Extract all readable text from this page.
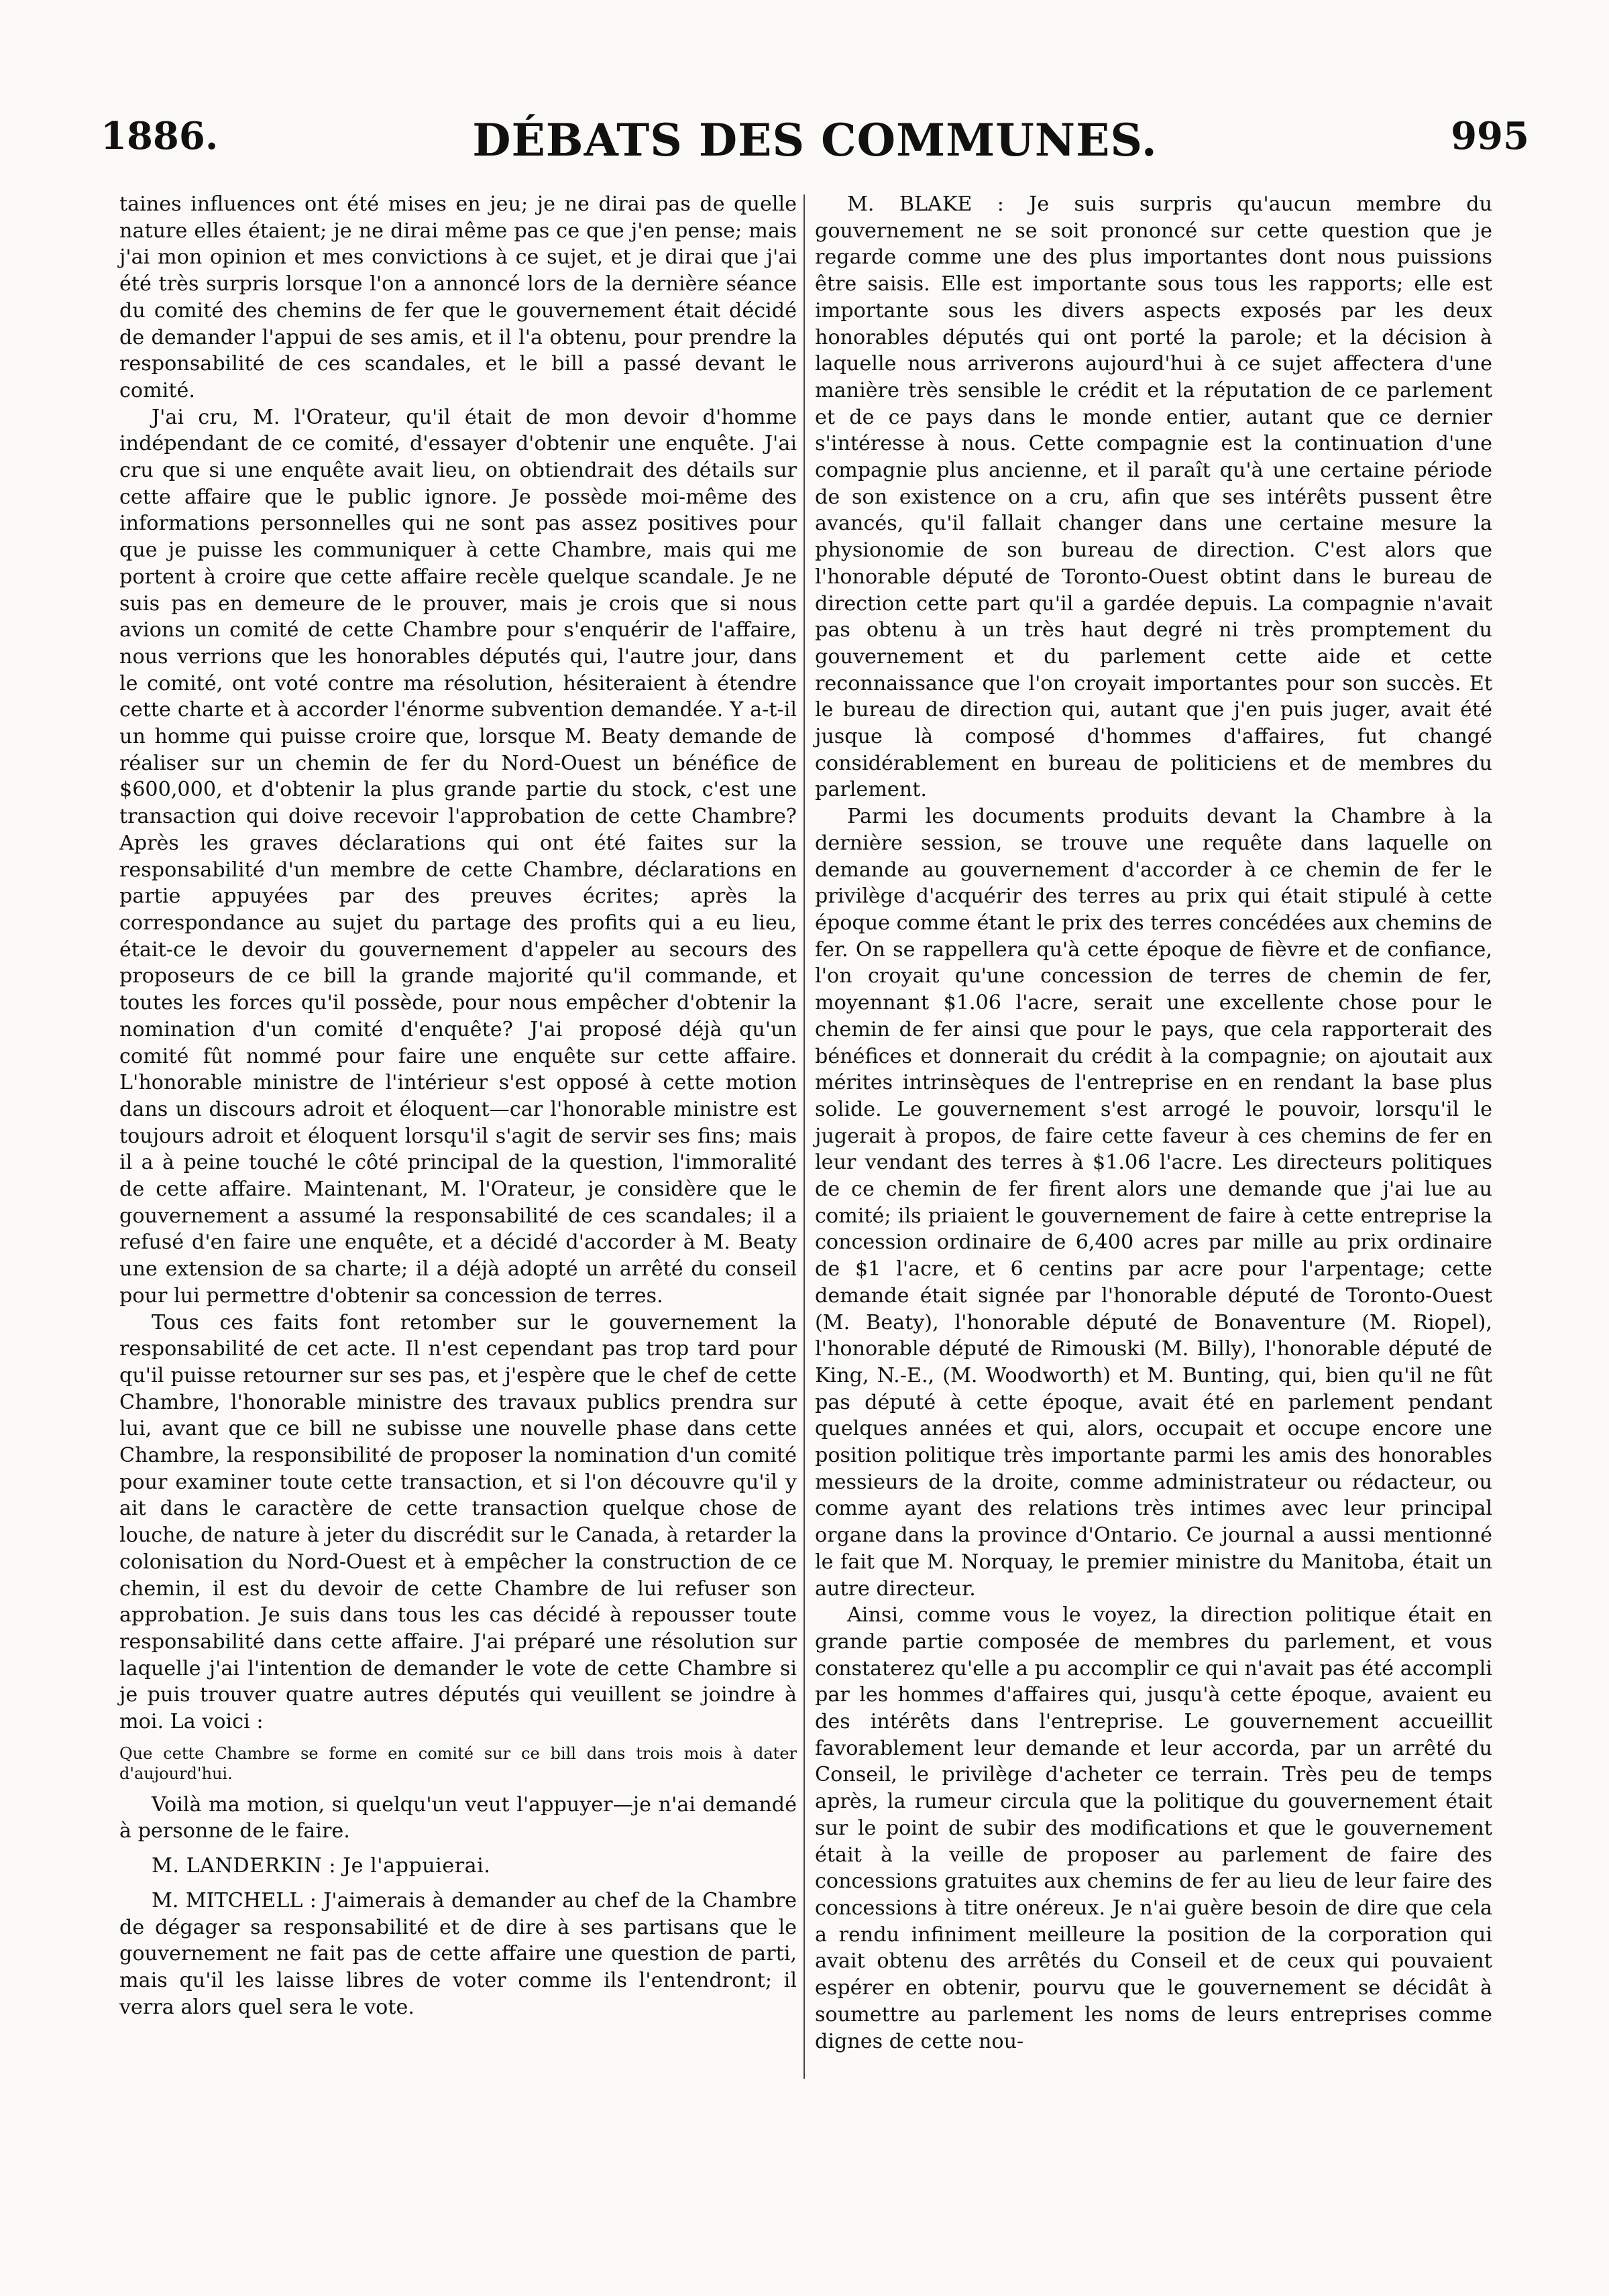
DÉBATS DES COMMUNES.
1886.	995

taines influences ont été mises en jeu; je ne dirai pas de quelle nature elles étaient; je ne dirai même pas ce que j'en pense; mais j'ai mon opinion et mes convictions à ce sujet, et je dirai que j'ai été très surpris lorsque l'on a annoncé lors de la dernière séance du comité des chemins de fer que le gouvernement était décidé de demander l'appui de ses amis, et il l'a obtenu, pour prendre la responsabilité de ces scandales, et le bill a passé devant le comité.

J'ai cru, M. l'Orateur, qu'il était de mon devoir d'homme indépendant de ce comité, d'essayer d'obtenir une enquête. J'ai cru que si une enquête avait lieu, on obtiendrait des détails sur cette affaire que le public ignore. Je possède moi-même des informations personnelles qui ne sont pas assez positives pour que je puisse les communiquer à cette Chambre, mais qui me portent à croire que cette affaire recèle quelque scandale. Je ne suis pas en demeure de le prouver, mais je crois que si nous avions un comité de cette Chambre pour s'enquérir de l'affaire, nous verrions que les honorables députés qui, l'autre jour, dans le comité, ont voté contre ma résolution, hésiteraient à étendre cette charte et à accorder l'énorme subvention demandée. Y a-t-il un homme qui puisse croire que, lorsque M. Beaty demande de réaliser sur un chemin de fer du Nord-Ouest un bénéfice de $600,000, et d'obtenir la plus grande partie du stock, c'est une transaction qui doive recevoir l'approbation de cette Chambre? Après les graves déclarations qui ont été faites sur la responsabilité d'un membre de cette Chambre, déclarations en partie appuyées par des preuves écrites; après la correspondance au sujet du partage des profits qui a eu lieu, était-ce le devoir du gouvernement d'appeler au secours des proposeurs de ce bill la grande majorité qu'il commande, et toutes les forces qu'il possède, pour nous empêcher d'obtenir la nomination d'un comité d'enquête? J'ai proposé déjà qu'un comité fût nommé pour faire une enquête sur cette affaire. L'honorable ministre de l'intérieur s'est opposé à cette motion dans un discours adroit et éloquent—car l'honorable ministre est toujours adroit et éloquent lorsqu'il s'agit de servir ses fins; mais il a à peine touché le côté principal de la question, l'immoralité de cette affaire. Maintenant, M. l'Orateur, je considère que le gouvernement a assumé la responsabilité de ces scandales; il a refusé d'en faire une enquête, et a décidé d'accorder à M. Beaty une extension de sa charte; il a déjà adopté un arrêté du conseil pour lui permettre d'obtenir sa concession de terres.

Tous ces faits font retomber sur le gouvernement la responsabilité de cet acte. Il n'est cependant pas trop tard pour qu'il puisse retourner sur ses pas, et j'espère que le chef de cette Chambre, l'honorable ministre des travaux publics prendra sur lui, avant que ce bill ne subisse une nouvelle phase dans cette Chambre, la responsibilité de proposer la nomination d'un comité pour examiner toute cette transaction, et si l'on découvre qu'il y ait dans le caractère de cette transaction quelque chose de louche, de nature à jeter du discrédit sur le Canada, à retarder la colonisation du Nord-Ouest et à empêcher la construction de ce chemin, il est du devoir de cette Chambre de lui refuser son approbation. Je suis dans tous les cas décidé à repousser toute responsabilité dans cette affaire. J'ai préparé une résolution sur laquelle j'ai l'intention de demander le vote de cette Chambre si je puis trouver quatre autres députés qui veuillent se joindre à moi. La voici :

Que cette Chambre se forme en comité sur ce bill dans trois mois à dater d'aujourd'hui.

Voilà ma motion, si quelqu'un veut l'appuyer—je n'ai demandé à personne de le faire.

M. LANDERKIN : Je l'appuierai.

M. MITCHELL : J'aimerais à demander au chef de la Chambre de dégager sa responsabilité et de dire à ses partisans que le gouvernement ne fait pas de cette affaire une question de parti, mais qu'il les laisse libres de voter comme ils l'entendront; il verra alors quel sera le vote.

M. BLAKE : Je suis surpris qu'aucun membre du gouvernement ne se soit prononcé sur cette question que je regarde comme une des plus importantes dont nous puissions être saisis. Elle est importante sous tous les rapports; elle est importante sous les divers aspects exposés par les deux honorables députés qui ont porté la parole; et la décision à laquelle nous arriverons aujourd'hui à ce sujet affectera d'une manière très sensible le crédit et la réputation de ce parlement et de ce pays dans le monde entier, autant que ce dernier s'intéresse à nous. Cette compagnie est la continuation d'une compagnie plus ancienne, et il paraît qu'à une certaine période de son existence on a cru, afin que ses intérêts pussent être avancés, qu'il fallait changer dans une certaine mesure la physionomie de son bureau de direction. C'est alors que l'honorable député de Toronto-Ouest obtint dans le bureau de direction cette part qu'il a gardée depuis. La compagnie n'avait pas obtenu à un très haut degré ni très promptement du gouvernement et du parlement cette aide et cette reconnaissance que l'on croyait importantes pour son succès. Et le bureau de direction qui, autant que j'en puis juger, avait été jusque là composé d'hommes d'affaires, fut changé considérablement en bureau de politiciens et de membres du parlement.

Parmi les documents produits devant la Chambre à la dernière session, se trouve une requête dans laquelle on demande au gouvernement d'accorder à ce chemin de fer le privilège d'acquérir des terres au prix qui était stipulé à cette époque comme étant le prix des terres concédées aux chemins de fer. On se rappellera qu'à cette époque de fièvre et de confiance, l'on croyait qu'une concession de terres de chemin de fer, moyennant $1.06 l'acre, serait une excellente chose pour le chemin de fer ainsi que pour le pays, que cela rapporterait des bénéfices et donnerait du crédit à la compagnie; on ajoutait aux mérites intrinsèques de l'entreprise en en rendant la base plus solide. Le gouvernement s'est arrogé le pouvoir, lorsqu'il le jugerait à propos, de faire cette faveur à ces chemins de fer en leur vendant des terres à $1.06 l'acre. Les directeurs politiques de ce chemin de fer firent alors une demande que j'ai lue au comité; ils priaient le gouvernement de faire à cette entreprise la concession ordinaire de 6,400 acres par mille au prix ordinaire de $1 l'acre, et 6 centins par acre pour l'arpentage; cette demande était signée par l'honorable député de Toronto-Ouest (M. Beaty), l'honorable député de Bonaventure (M. Riopel), l'honorable député de Rimouski (M. Billy), l'honorable député de King, N.-E., (M. Woodworth) et M. Bunting, qui, bien qu'il ne fût pas député à cette époque, avait été en parlement pendant quelques années et qui, alors, occupait et occupe encore une position politique très importante parmi les amis des honorables messieurs de la droite, comme administrateur ou rédacteur, ou comme ayant des relations très intimes avec leur principal organe dans la province d'Ontario. Ce journal a aussi mentionné le fait que M. Norquay, le premier ministre du Manitoba, était un autre directeur.

Ainsi, comme vous le voyez, la direction politique était en grande partie composée de membres du parlement, et vous constaterez qu'elle a pu accomplir ce qui n'avait pas été accompli par les hommes d'affaires qui, jusqu'à cette époque, avaient eu des intérêts dans l'entreprise. Le gouvernement accueillit favorablement leur demande et leur accorda, par un arrêté du Conseil, le privilège d'acheter ce terrain. Très peu de temps après, la rumeur circula que la politique du gouvernement était sur le point de subir des modifications et que le gouvernement était à la veille de proposer au parlement de faire des concessions gratuites aux chemins de fer au lieu de leur faire des concessions à titre onéreux. Je n'ai guère besoin de dire que cela a rendu infiniment meilleure la position de la corporation qui avait obtenu des arrêtés du Conseil et de ceux qui pouvaient espérer en obtenir, pourvu que le gouvernement se décidât à soumettre au parlement les noms de leurs entreprises comme dignes de cette nou-
